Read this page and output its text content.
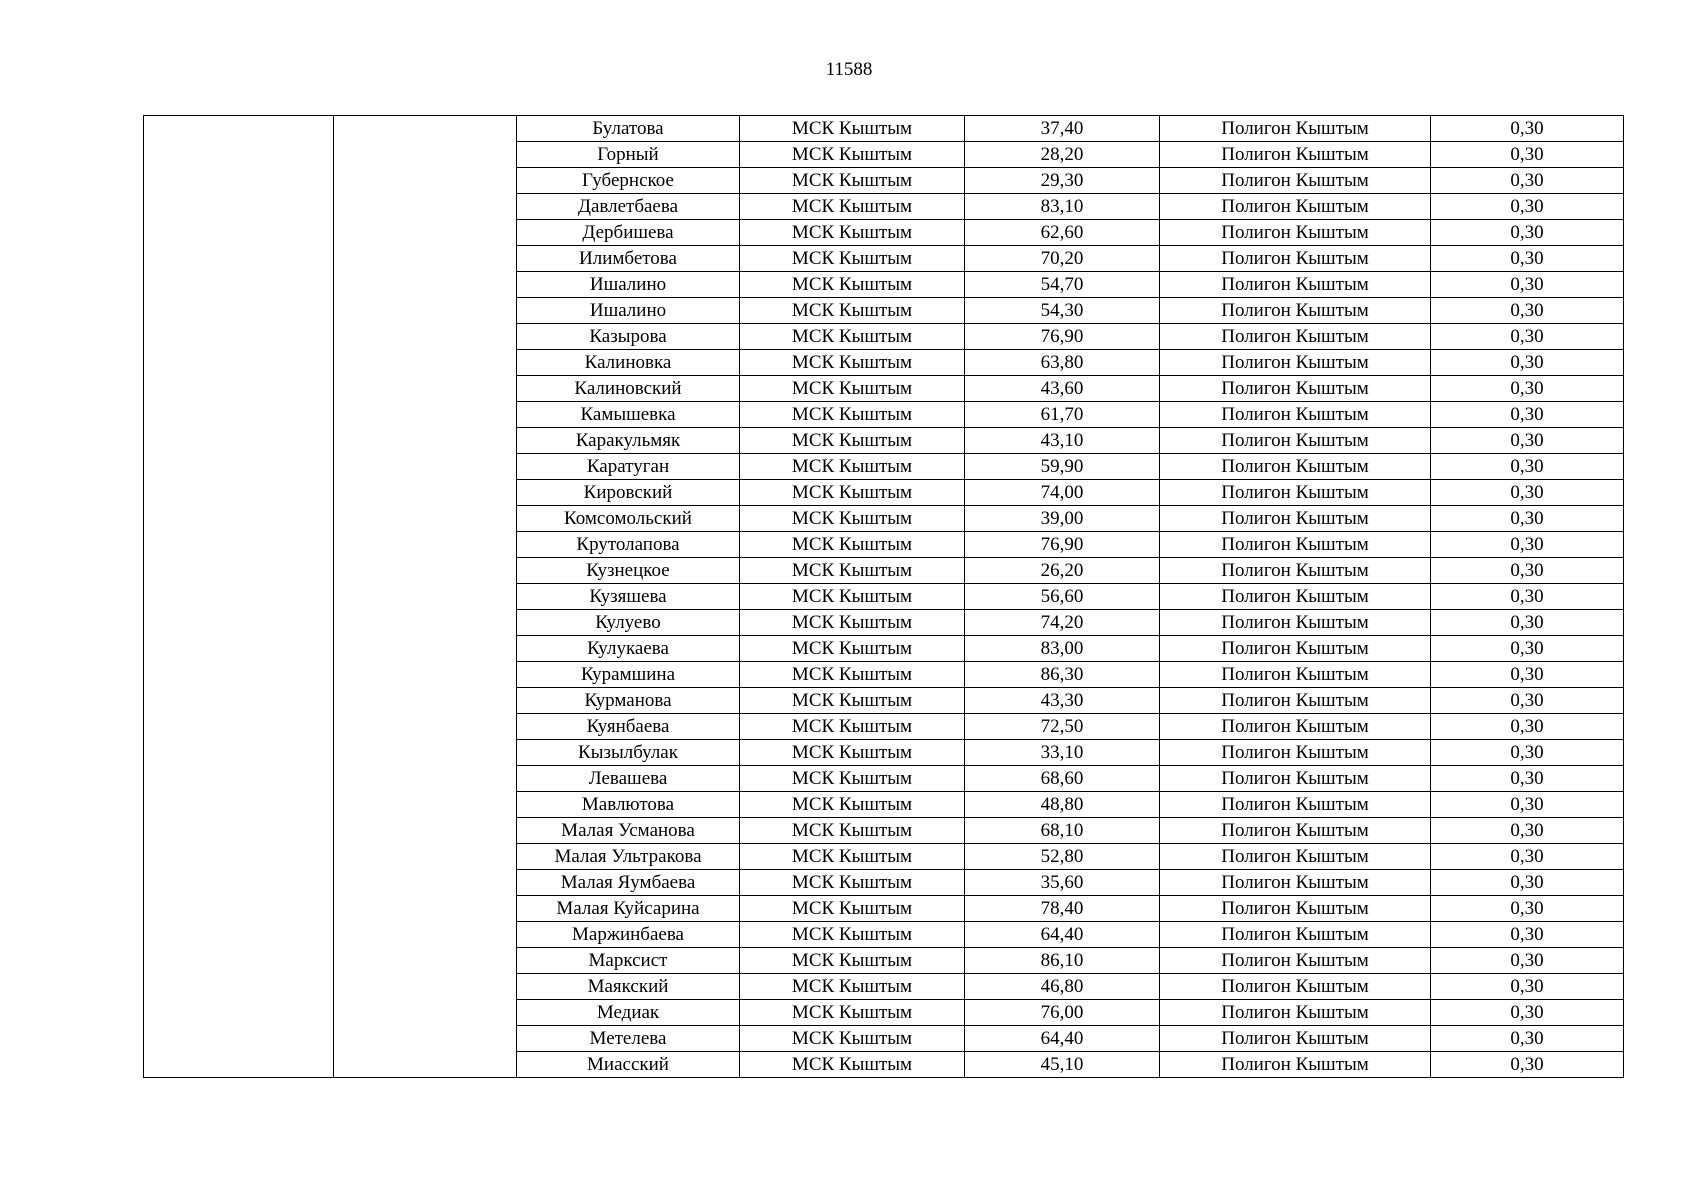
11588
		Булатова	МСК Кыштым	37,40	Полигон Кыштым	0,30
		Горный	МСК Кыштым	28,20	Полигон Кыштым	0,30
		Губернское	МСК Кыштым	29,30	Полигон Кыштым	0,30
		Давлетбаева	МСК Кыштым	83,10	Полигон Кыштым	0,30
		Дербишева	МСК Кыштым	62,60	Полигон Кыштым	0,30
		Илимбетова	МСК Кыштым	70,20	Полигон Кыштым	0,30
		Ишалино	МСК Кыштым	54,70	Полигон Кыштым	0,30
		Ишалино	МСК Кыштым	54,30	Полигон Кыштым	0,30
		Казырова	МСК Кыштым	76,90	Полигон Кыштым	0,30
		Калиновка	МСК Кыштым	63,80	Полигон Кыштым	0,30
		Калиновский	МСК Кыштым	43,60	Полигон Кыштым	0,30
		Камышевка	МСК Кыштым	61,70	Полигон Кыштым	0,30
		Каракульмяк	МСК Кыштым	43,10	Полигон Кыштым	0,30
		Каратуган	МСК Кыштым	59,90	Полигон Кыштым	0,30
		Кировский	МСК Кыштым	74,00	Полигон Кыштым	0,30
		Комсомольский	МСК Кыштым	39,00	Полигон Кыштым	0,30
		Крутолапова	МСК Кыштым	76,90	Полигон Кыштым	0,30
		Кузнецкое	МСК Кыштым	26,20	Полигон Кыштым	0,30
		Кузяшева	МСК Кыштым	56,60	Полигон Кыштым	0,30
		Кулуево	МСК Кыштым	74,20	Полигон Кыштым	0,30
		Кулукаева	МСК Кыштым	83,00	Полигон Кыштым	0,30
		Курамшина	МСК Кыштым	86,30	Полигон Кыштым	0,30
		Курманова	МСК Кыштым	43,30	Полигон Кыштым	0,30
		Куянбаева	МСК Кыштым	72,50	Полигон Кыштым	0,30
		Кызылбулак	МСК Кыштым	33,10	Полигон Кыштым	0,30
		Левашева	МСК Кыштым	68,60	Полигон Кыштым	0,30
		Мавлютова	МСК Кыштым	48,80	Полигон Кыштым	0,30
		Малая Усманова	МСК Кыштым	68,10	Полигон Кыштым	0,30
		Малая Ультракова	МСК Кыштым	52,80	Полигон Кыштым	0,30
		Малая Яумбаева	МСК Кыштым	35,60	Полигон Кыштым	0,30
		Малая Куйсарина	МСК Кыштым	78,40	Полигон Кыштым	0,30
		Маржинбаева	МСК Кыштым	64,40	Полигон Кыштым	0,30
		Марксист	МСК Кыштым	86,10	Полигон Кыштым	0,30
		Маякский	МСК Кыштым	46,80	Полигон Кыштым	0,30
		Медиак	МСК Кыштым	76,00	Полигон Кыштым	0,30
		Метелева	МСК Кыштым	64,40	Полигон Кыштым	0,30
		Миасский	МСК Кыштым	45,10	Полигон Кыштым	0,30
